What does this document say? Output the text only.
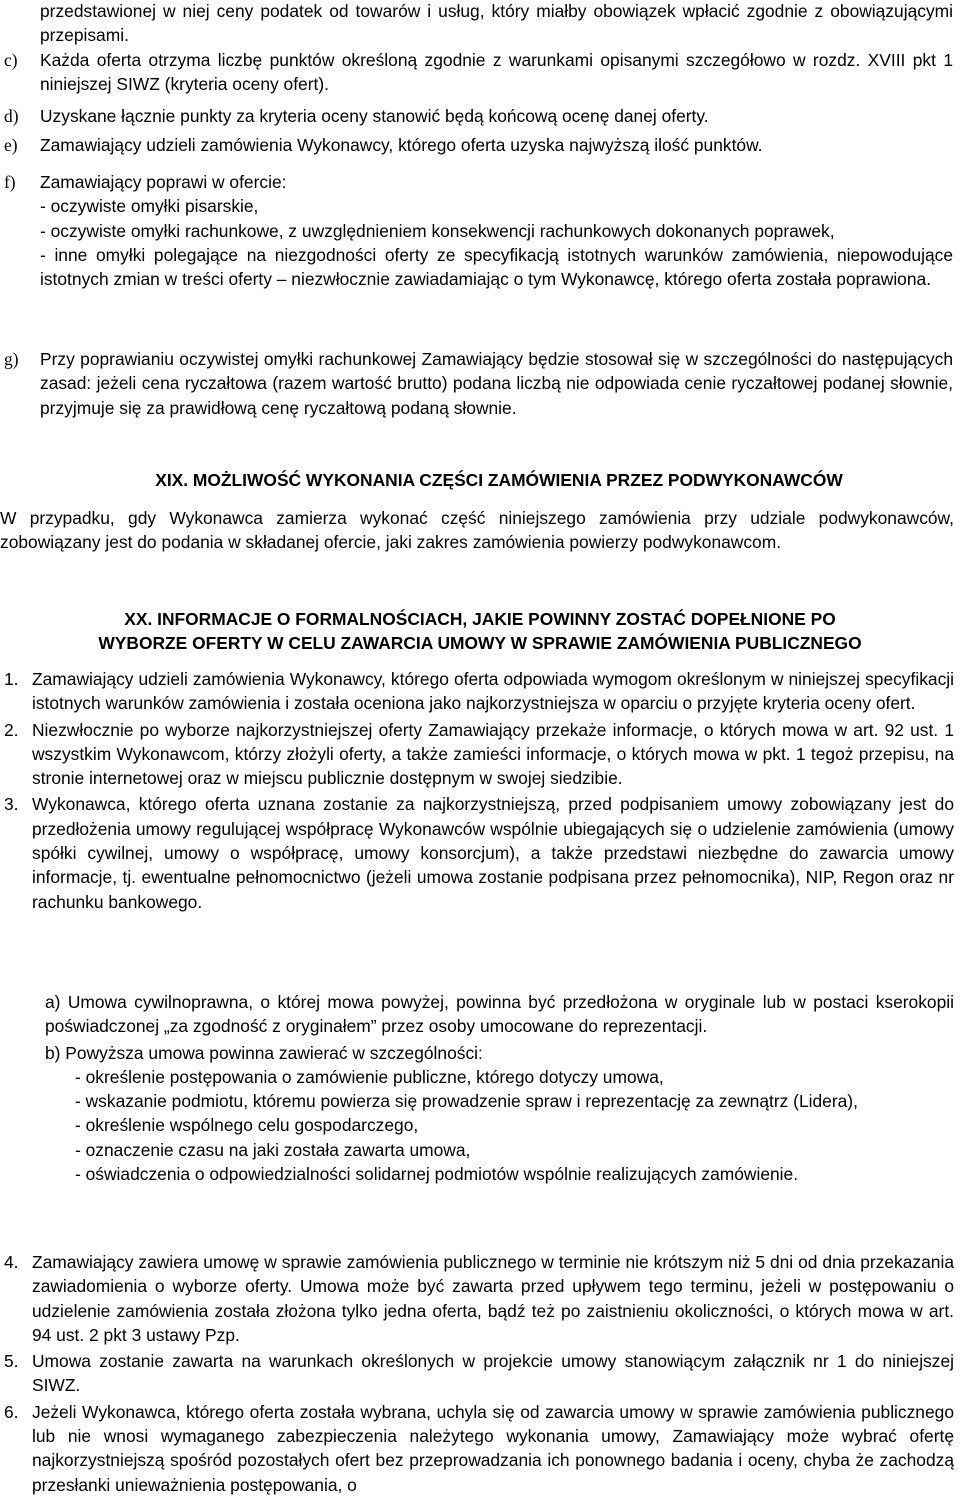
przedstawionej w niej ceny podatek od towarów i usług, który miałby obowiązek wpłacić zgodnie z obowiązującymi przepisami.

c) Każda oferta otrzyma liczbę punktów określoną zgodnie z warunkami opisanymi szczegółowo w rozdz. XVIII pkt 1 niniejszej SIWZ (kryteria oceny ofert).
d) Uzyskane łącznie punkty za kryteria oceny stanowić będą końcową ocenę danej oferty.
e) Zamawiający udzieli zamówienia Wykonawcy, którego oferta uzyska najwyższą ilość punktów.
f) Zamawiający poprawi w ofercie:

- oczywiste omyłki pisarskie,

- oczywiste omyłki rachunkowe, z uwzględnieniem konsekwencji rachunkowych dokonanych poprawek,

- inne omyłki polegające na niezgodności oferty ze specyfikacją istotnych warunków zamówienia, niepowodujące istotnych zmian w treści oferty – niezwłocznie zawiadamiając o tym Wykonawcę, którego oferta została poprawiona.

g) Przy poprawianiu oczywistej omyłki rachunkowej Zamawiający będzie stosował się w szczególności do następujących zasad: jeżeli cena ryczałtowa (razem wartość brutto) podana liczbą nie odpowiada cenie ryczałtowej podanej słownie, przyjmuje się za prawidłową cenę ryczałtową podaną słownie.

XIX. MOŻLIWOŚĆ WYKONANIA CZĘŚCI ZAMÓWIENIA PRZEZ PODWYKONAWCÓW

W przypadku, gdy Wykonawca zamierza wykonać część niniejszego zamówienia przy udziale podwykonawców, zobowiązany jest do podania w składanej ofercie, jaki zakres zamówienia powierzy podwykonawcom.

XX. INFORMACJE O FORMALNOŚCIACH, JAKIE POWINNY ZOSTAĆ DOPEŁNIONE PO

WYBORZE OFERTY W CELU ZAWARCIA UMOWY W SPRAWIE ZAMÓWIENIA PUBLICZNEGO

1. Zamawiający udzieli zamówienia Wykonawcy, którego oferta odpowiada wymogom określonym w niniejszej specyfikacji istotnych warunków zamówienia i została oceniona jako najkorzystniejsza w oparciu o przyjęte kryteria oceny ofert.
2. Niezwłocznie po wyborze najkorzystniejszej oferty Zamawiający przekaże informacje, o których mowa w art. 92 ust. 1 wszystkim Wykonawcom, którzy złożyli oferty, a także zamieści informacje, o których mowa w pkt. 1 tegoż przepisu, na stronie internetowej oraz w miejscu publicznie dostępnym w swojej siedzibie.
3. Wykonawca, którego oferta uznana zostanie za najkorzystniejszą, przed podpisaniem umowy zobowiązany jest do przedłożenia umowy regulującej współpracę Wykonawców wspólnie ubiegających się o udzielenie zamówienia (umowy spółki cywilnej, umowy o współpracę, umowy konsorcjum), a także przedstawi niezbędne do zawarcia umowy informacje, tj. ewentualne pełnomocnictwo (jeżeli umowa zostanie podpisana przez pełnomocnika), NIP, Regon oraz nr rachunku bankowego.
a) Umowa cywilnoprawna, o której mowa powyżej, powinna być przedłożona w oryginale lub w postaci kserokopii poświadczonej „za zgodność z oryginałem” przez osoby umocowane do reprezentacji.

b) Powyższa umowa powinna zawierać w szczególności:

- określenie postępowania o zamówienie publiczne, którego dotyczy umowa,

- wskazanie podmiotu, któremu powierza się prowadzenie spraw i reprezentację za zewnątrz (Lidera),

- określenie wspólnego celu gospodarczego,

- oznaczenie czasu na jaki została zawarta umowa,

- oświadczenia o odpowiedzialności solidarnej podmiotów wspólnie realizujących zamówienie.

4. Zamawiający zawiera umowę w sprawie zamówienia publicznego w terminie nie krótszym niż 5 dni od dnia przekazania zawiadomienia o wyborze oferty. Umowa może być zawarta przed upływem tego terminu, jeżeli w postępowaniu o udzielenie zamówienia została złożona tylko jedna oferta, bądź też po zaistnieniu okoliczności, o których mowa w art. 94 ust. 2 pkt 3 ustawy Pzp.
5. Umowa zostanie zawarta na warunkach określonych w projekcie umowy stanowiącym załącznik nr 1 do niniejszej SIWZ.
6. Jeżeli Wykonawca, którego oferta została wybrana, uchyla się od zawarcia umowy w sprawie zamówienia publicznego lub nie wnosi wymaganego zabezpieczenia należytego wykonania umowy, Zamawiający może wybrać ofertę najkorzystniejszą spośród pozostałych ofert bez przeprowadzania ich ponownego badania i oceny, chyba że zachodzą przesłanki unieważnienia postępowania, o
